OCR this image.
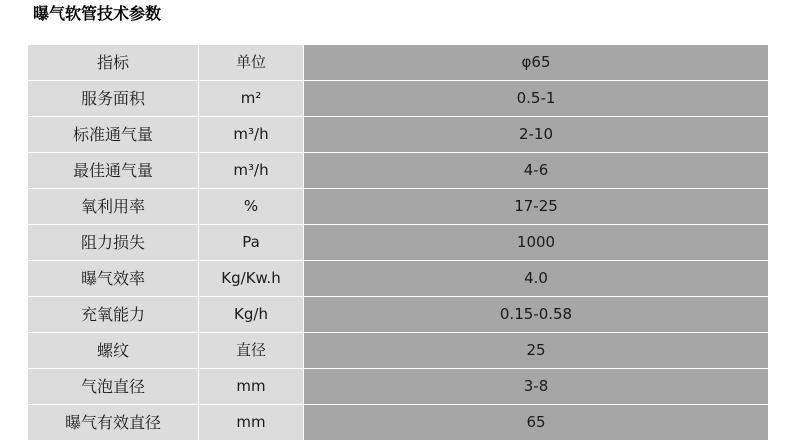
曝气软管技术参数
指标	单位	φ65
服务面积	m²	0.5-1
标准通气量	m³/h	2-10
最佳通气量	m³/h	4-6
氧利用率	%	17-25
阻力损失	Pa	1000
曝气效率	Kg/Kw.h	4.0
充氧能力	Kg/h	0.15-0.58
螺纹	直径	25
气泡直径	mm	3-8
曝气有效直径	mm	65
